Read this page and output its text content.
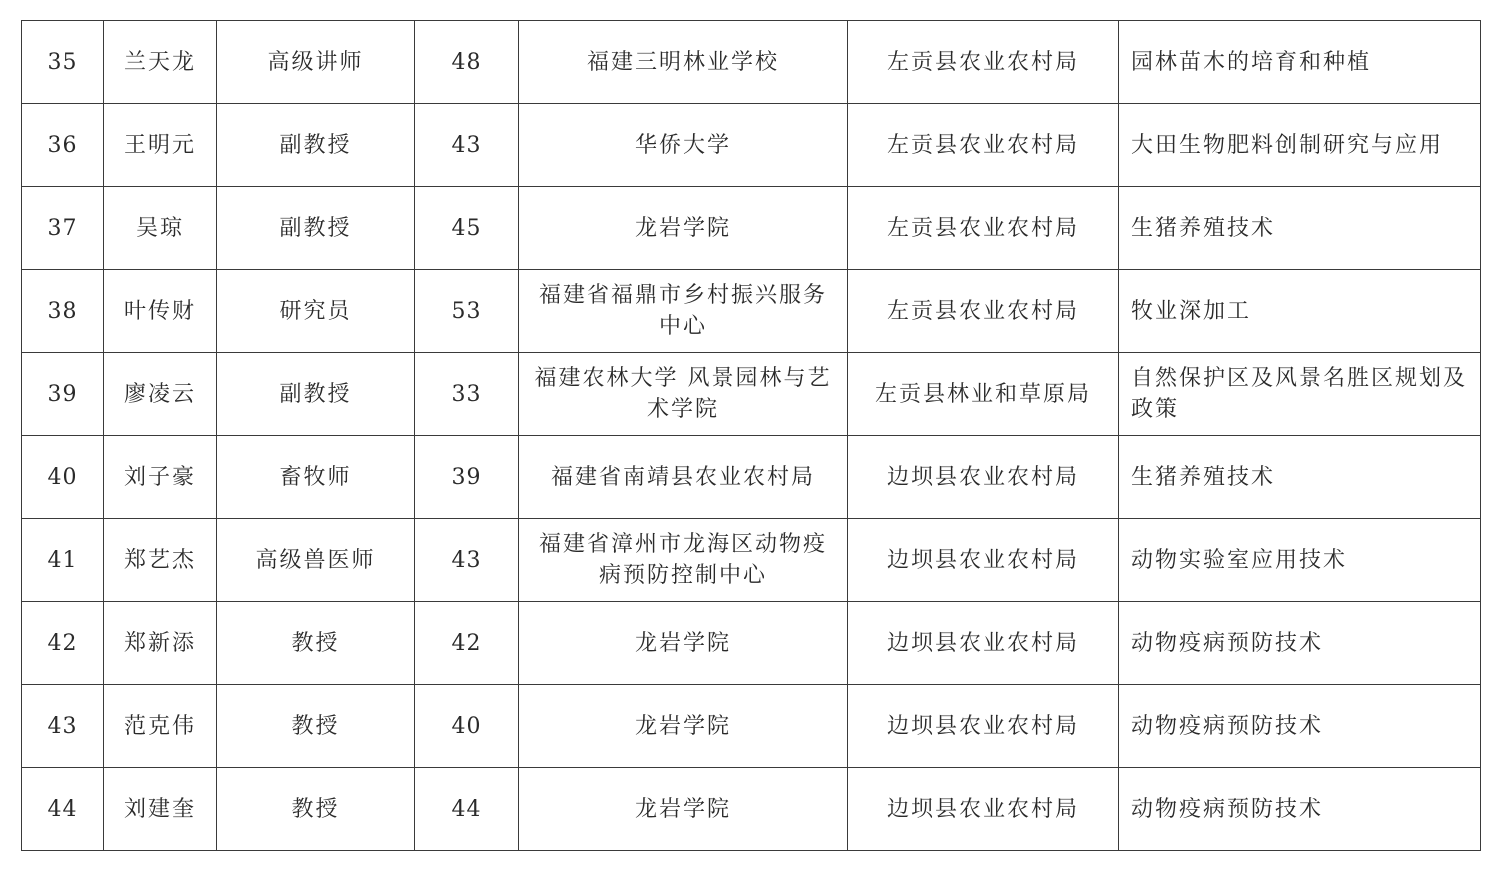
35	兰天龙	高级讲师	48	福建三明林业学校	左贡县农业农村局	园林苗木的培育和种植
36	王明元	副教授	43	华侨大学	左贡县农业农村局	大田生物肥料创制研究与应用
37	吴琼	副教授	45	龙岩学院	左贡县农业农村局	生猪养殖技术
38	叶传财	研究员	53	福建省福鼎市乡村振兴服务中心	左贡县农业农村局	牧业深加工
39	廖凌云	副教授	33	福建农林大学 风景园林与艺术学院	左贡县林业和草原局	自然保护区及风景名胜区规划及政策
40	刘子豪	畜牧师	39	福建省南靖县农业农村局	边坝县农业农村局	生猪养殖技术
41	郑艺杰	高级兽医师	43	福建省漳州市龙海区动物疫病预防控制中心	边坝县农业农村局	动物实验室应用技术
42	郑新添	教授	42	龙岩学院	边坝县农业农村局	动物疫病预防技术
43	范克伟	教授	40	龙岩学院	边坝县农业农村局	动物疫病预防技术
44	刘建奎	教授	44	龙岩学院	边坝县农业农村局	动物疫病预防技术
